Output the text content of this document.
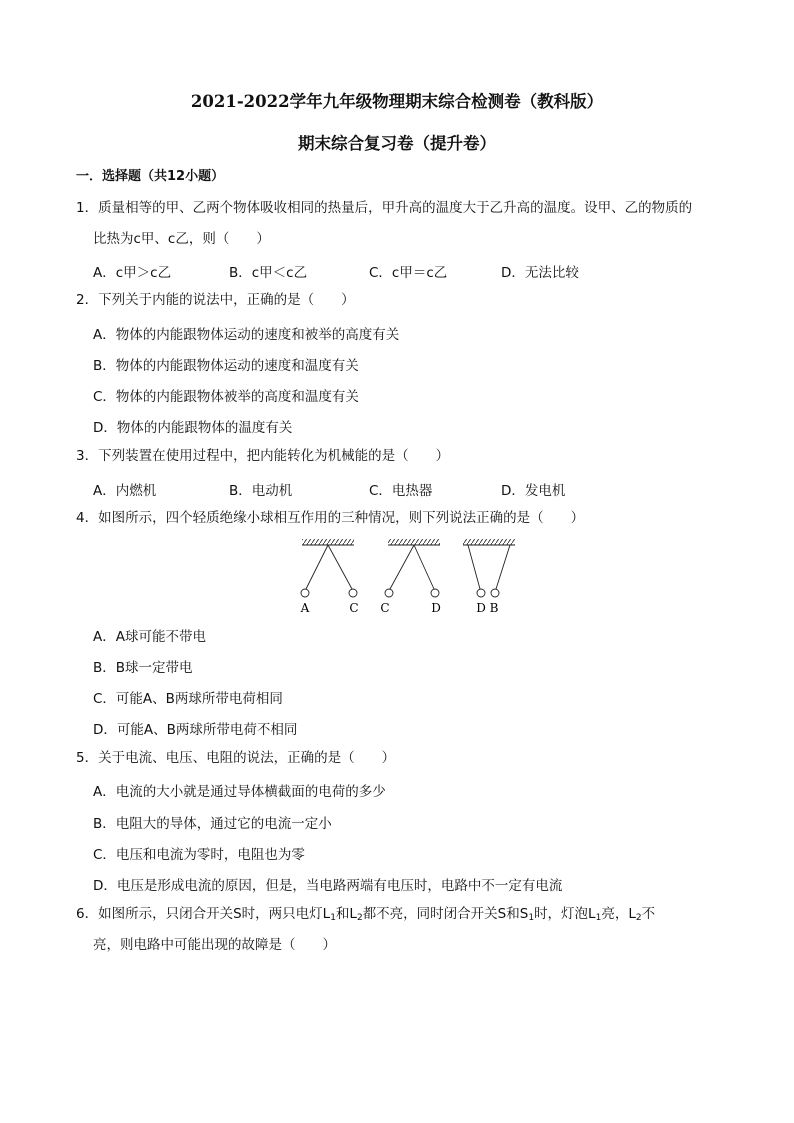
2021-2022学年九年级物理期末综合检测卷（教科版）
期末综合复习卷（提升卷）
一．选择题（共12小题）
1．质量相等的甲、乙两个物体吸收相同的热量后，甲升高的温度大于乙升高的温度。设甲、乙的物质的
比热为c甲、c乙，则（　　）
A．c甲＞c乙	B．c甲＜c乙	C．c甲＝c乙	D．无法比较
2．下列关于内能的说法中，正确的是（　　）
A．物体的内能跟物体运动的速度和被举的高度有关
B．物体的内能跟物体运动的速度和温度有关
C．物体的内能跟物体被举的高度和温度有关
D．物体的内能跟物体的温度有关
3．下列装置在使用过程中，把内能转化为机械能的是（　　）
A．内燃机	B．电动机	C．电热器	D．发电机
4．如图所示，四个轻质绝缘小球相互作用的三种情况，则下列说法正确的是（　　）
A	C C	D	D B
A．A球可能不带电
B．B球一定带电
C．可能A、B两球所带电荷相同
D．可能A、B两球所带电荷不相同
5．关于电流、电压、电阻的说法，正确的是（　　）
A．电流的大小就是通过导体横截面的电荷的多少
B．电阻大的导体，通过它的电流一定小
C．电压和电流为零时，电阻也为零
D．电压是形成电流的原因，但是，当电路两端有电压时，电路中不一定有电流
6．如图所示，只闭合开关S时，两只电灯$L_1$和$L_2$都不亮，同时闭合开关S和$S_1$时，灯泡$L_1$亮，$L_2$不
亮，则电路中可能出现的故障是（　　）
